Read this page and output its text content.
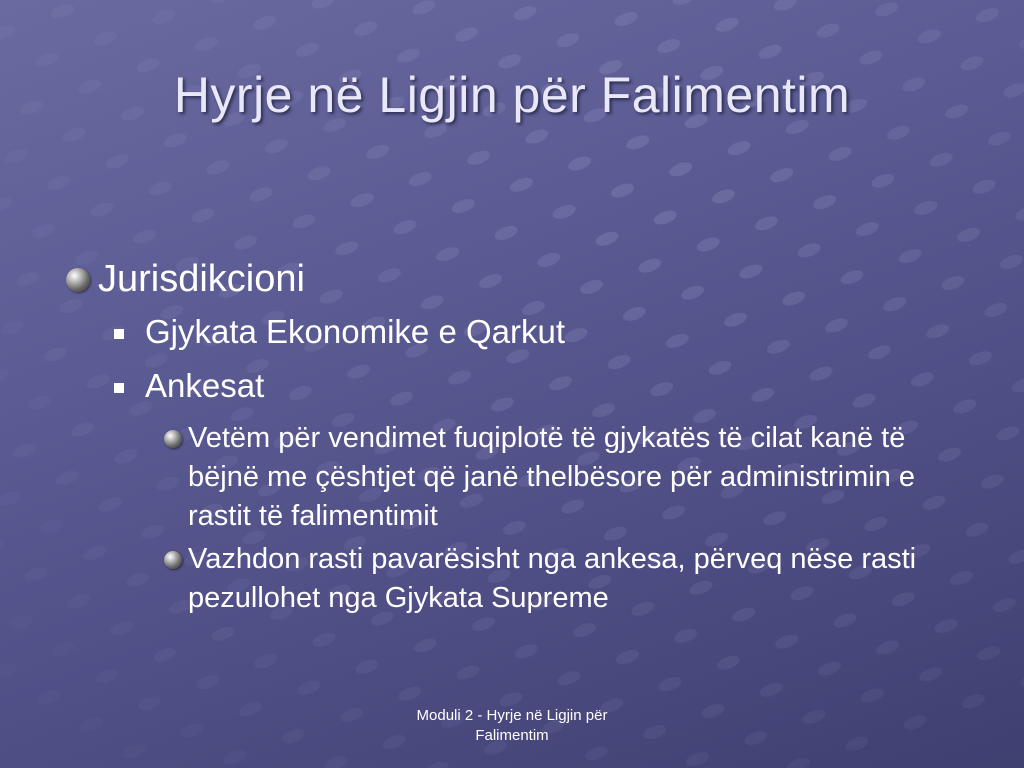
Hyrje në Ligjin për Falimentim
Jurisdikcioni
Gjykata Ekonomike e Qarkut
Ankesat
Vetëm për vendimet fuqiplotë të gjykatës të cilat kanë të bëjnë me çështjet që janë thelbësore për administrimin e rastit të falimentimit
Vazhdon rasti pavarësisht nga ankesa, përveq nëse rasti pezullohet nga Gjykata Supreme
Moduli 2 - Hyrje në Ligjin për Falimentim
